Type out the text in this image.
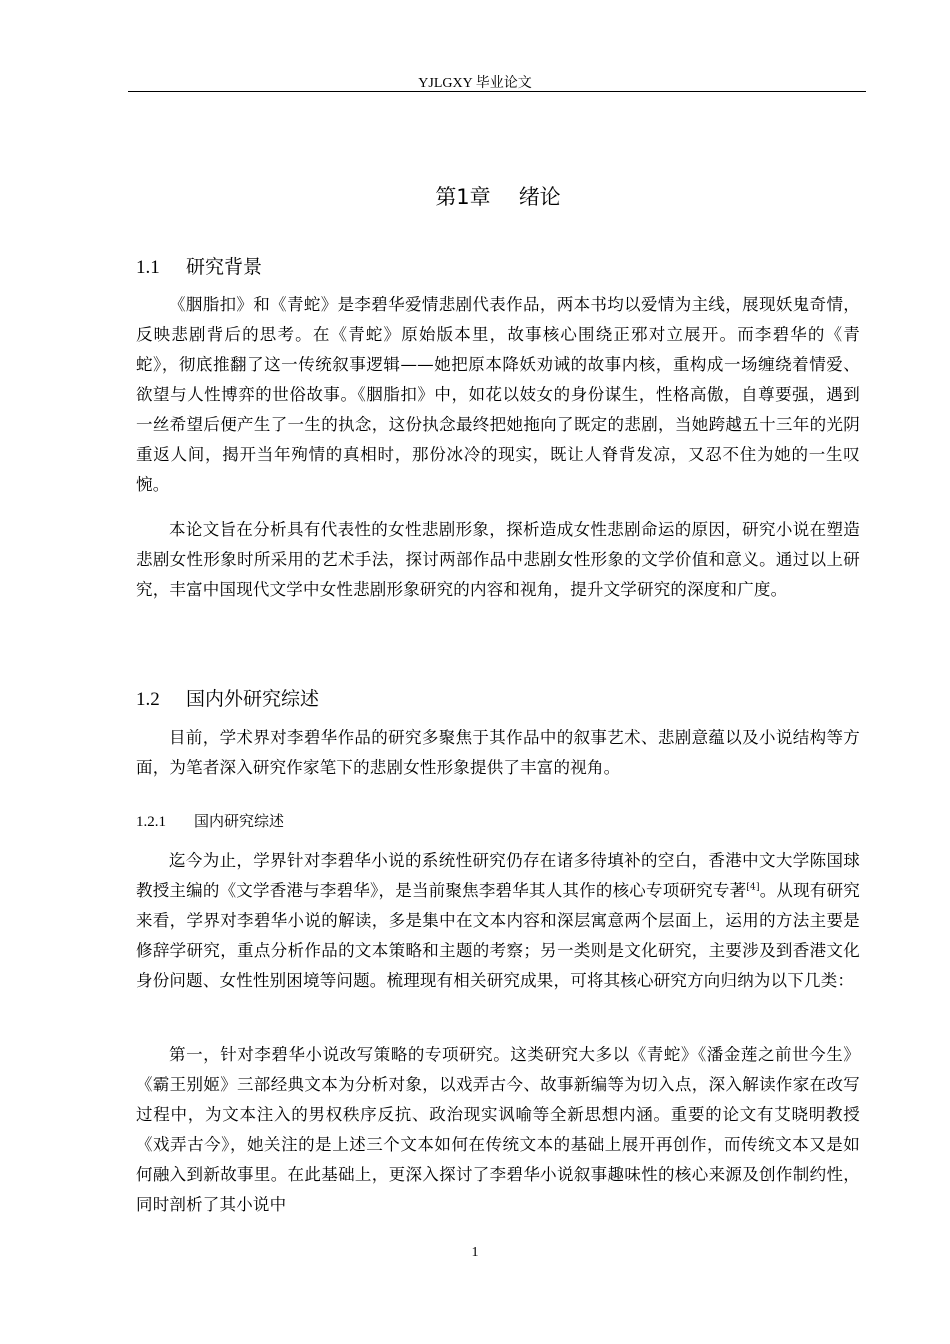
YJLGXY 毕业论文
第1章 绪论
1.1 研究背景

《胭脂扣》和《青蛇》是李碧华爱情悲剧代表作品，两本书均以爱情为主线，展现妖鬼奇情，反映悲剧背后的思考。在《青蛇》原始版本里，故事核心围绕正邪对立展开。而李碧华的《青蛇》，彻底推翻了这一传统叙事逻辑——她把原本降妖劝诫的故事内核，重构成一场缠绕着情爱、欲望与人性博弈的世俗故事。《胭脂扣》中，如花以妓女的身份谋生，性格高傲，自尊要强，遇到一丝希望后便产生了一生的执念，这份执念最终把她拖向了既定的悲剧，当她跨越五十三年的光阴重返人间，揭开当年殉情的真相时，那份冰冷的现实，既让人脊背发凉，又忍不住为她的一生叹惋。

本论文旨在分析具有代表性的女性悲剧形象，探析造成女性悲剧命运的原因，研究小说在塑造悲剧女性形象时所采用的艺术手法，探讨两部作品中悲剧女性形象的文学价值和意义。通过以上研究，丰富中国现代文学中女性悲剧形象研究的内容和视角，提升文学研究的深度和广度。

1.2 国内外研究综述

目前，学术界对李碧华作品的研究多聚焦于其作品中的叙事艺术、悲剧意蕴以及小说结构等方面，为笔者深入研究作家笔下的悲剧女性形象提供了丰富的视角。

1.2.1 国内研究综述

迄今为止，学界针对李碧华小说的系统性研究仍存在诸多待填补的空白，香港中文大学陈国球教授主编的《文学香港与李碧华》，是当前聚焦李碧华其人其作的核心专项研究专著[4]。从现有研究来看，学界对李碧华小说的解读，多是集中在文本内容和深层寓意两个层面上，运用的方法主要是修辞学研究，重点分析作品的文本策略和主题的考察；另一类则是文化研究，主要涉及到香港文化身份问题、女性性别困境等问题。梳理现有相关研究成果，可将其核心研究方向归纳为以下几类：

第一，针对李碧华小说改写策略的专项研究。这类研究大多以《青蛇》《潘金莲之前世今生》《霸王别姬》三部经典文本为分析对象，以戏弄古今、故事新编等为切入点，深入解读作家在改写过程中，为文本注入的男权秩序反抗、政治现实讽喻等全新思想内涵。重要的论文有艾晓明教授《戏弄古今》，她关注的是上述三个文本如何在传统文本的基础上展开再创作，而传统文本又是如何融入到新故事里。在此基础上，更深入探讨了李碧华小说叙事趣味性的核心来源及创作制约性，同时剖析了其小说中

1
